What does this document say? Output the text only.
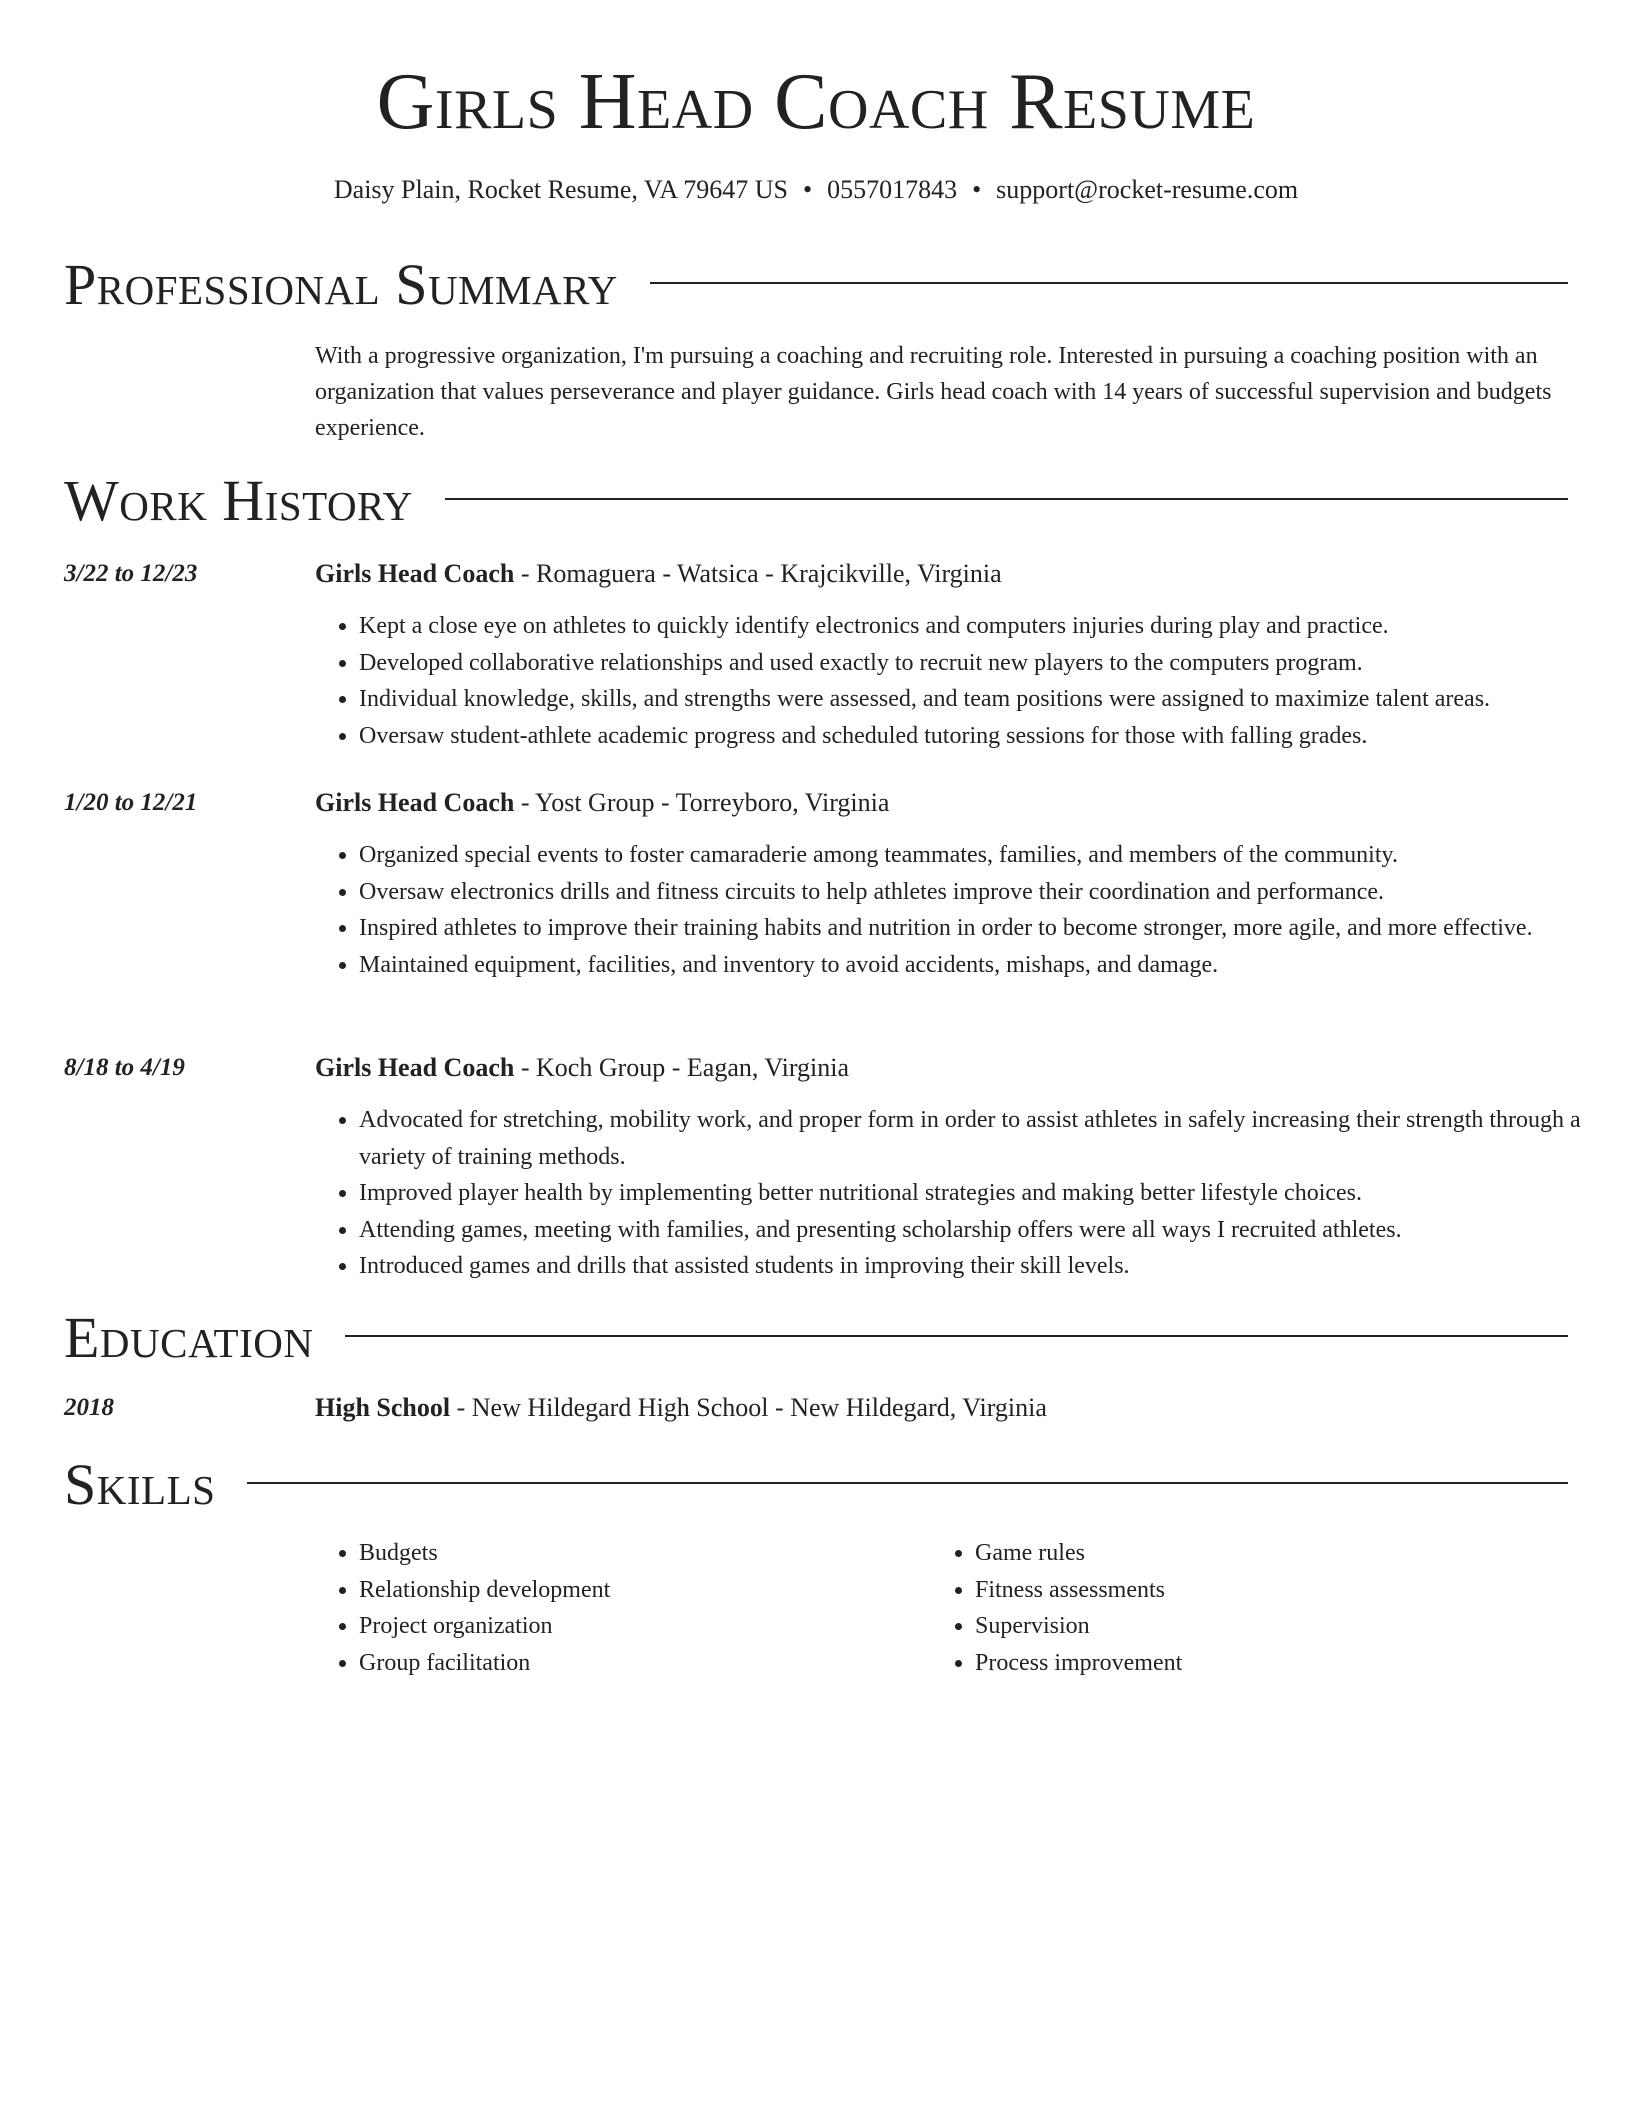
Girls Head Coach Resume
Daisy Plain, Rocket Resume, VA 79647 US • 0557017843 • support@rocket-resume.com
Professional Summary

With a progressive organization, I'm pursuing a coaching and recruiting role. Interested in pursuing a coaching position with an organization that values perseverance and player guidance. Girls head coach with 14 years of successful supervision and budgets experience.

Work History
3/22 to 12/23	Girls Head Coach - Romaguera - Watsica - Krajcikville, Virginia
• Kept a close eye on athletes to quickly identify electronics and computers injuries during play and practice.
• Developed collaborative relationships and used exactly to recruit new players to the computers program.
• Individual knowledge, skills, and strengths were assessed, and team positions were assigned to maximize talent areas.
• Oversaw student-athlete academic progress and scheduled tutoring sessions for those with falling grades.
1/20 to 12/21	Girls Head Coach - Yost Group - Torreyboro, Virginia
• Organized special events to foster camaraderie among teammates, families, and members of the community.
• Oversaw electronics drills and fitness circuits to help athletes improve their coordination and performance.
• Inspired athletes to improve their training habits and nutrition in order to become stronger, more agile, and more effective.
• Maintained equipment, facilities, and inventory to avoid accidents, mishaps, and damage.
8/18 to 4/19	Girls Head Coach - Koch Group - Eagan, Virginia
• Advocated for stretching, mobility work, and proper form in order to assist athletes in safely increasing their strength through a variety of training methods.
• Improved player health by implementing better nutritional strategies and making better lifestyle choices.
• Attending games, meeting with families, and presenting scholarship offers were all ways I recruited athletes.
• Introduced games and drills that assisted students in improving their skill levels.
Education
2018	High School - New Hildegard High School - New Hildegard, Virginia
Skills
• Budgets
• Relationship development
• Project organization
• Group facilitation
• Game rules
• Fitness assessments
• Supervision
• Process improvement
